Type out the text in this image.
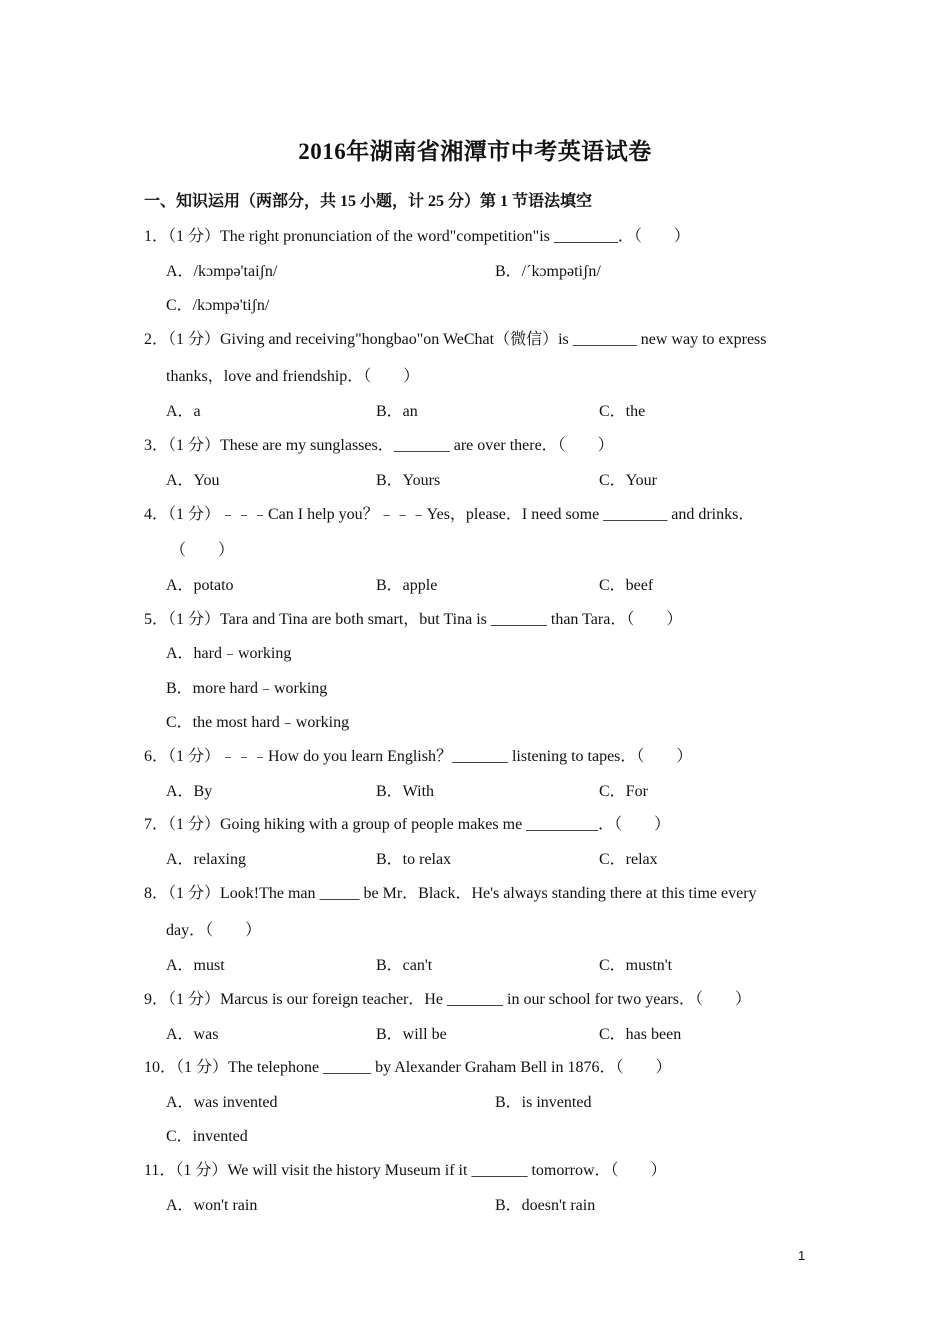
2016年湖南省湘潭市中考英语试卷
一、知识运用（两部分，共 15 小题，计 25 分）第 1 节语法填空
1．（1 分）The right pronunciation of the word"competition"is ________．（　　）
A．/kɔmpə'taiʃn/	B．/ˊkɔmpətiʃn/
C．/kɔmpə'tiʃn/
2．（1 分）Giving and receiving"hongbao"on WeChat（微信）is ________ new way to express
thanks，love and friendship．（　　）
A．a	B．an	C．the
3．（1 分）These are my sunglasses．_______ are over there．（　　）
A．You	B．Yours	C．Your
4．（1 分）﹣﹣﹣Can I help you？﹣﹣﹣Yes，please．I need some ________ and drinks．
（　　）
A．potato	B．apple	C．beef
5．（1 分）Tara and Tina are both smart，but Tina is _______ than Tara．（　　）
A．hard﹣working
B．more hard﹣working
C．the most hard﹣working
6．（1 分）﹣﹣﹣How do you learn English？_______ listening to tapes．（　　）
A．By	B．With	C．For
7．（1 分）Going hiking with a group of people makes me _________．（　　）
A．relaxing	B．to relax	C．relax
8．（1 分）Look!The man _____ be Mr．Black．He's always standing there at this time every
day．（　　）
A．must	B．can't	C．mustn't
9．（1 分）Marcus is our foreign teacher．He _______ in our school for two years．（　　）
A．was	B．will be	C．has been
10．（1 分）The telephone ______ by Alexander Graham Bell in 1876．（　　）
A．was invented	B．is invented
C．invented
11．（1 分）We will visit the history Museum if it _______ tomorrow．（　　）
A．won't rain	B．doesn't rain
1
